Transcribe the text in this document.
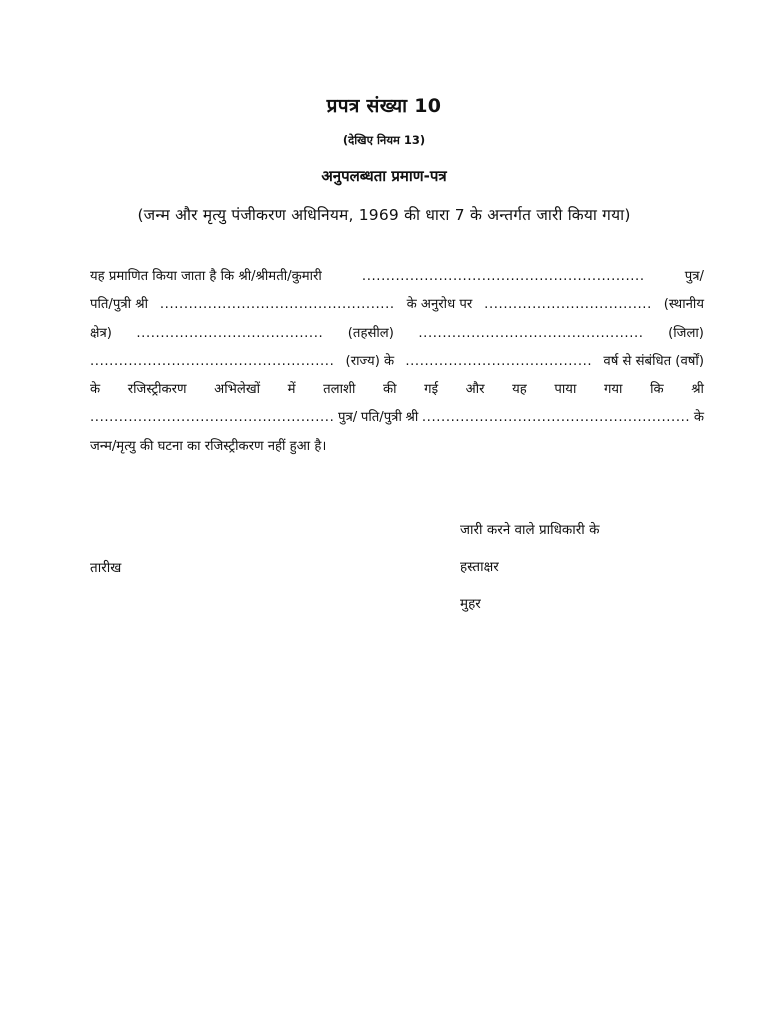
प्रपत्र संख्या 10
(देखिए नियम 13)
अनुपलब्धता प्रमाण-पत्र
(जन्म और मृत्यु पंजीकरण अधिनियम, 1969 की धारा 7 के अन्तर्गत जारी किया गया)
यह प्रमाणित किया जाता है कि श्री/श्रीमती/कुमारी	...........................................................	पुत्र/
पति/पुत्री श्री ................................................. के अनुरोध पर ................................... (स्थानीय
क्षेत्र) ....................................... (तहसील) ............................................... (जिला)
................................................... (राज्य) के ....................................... वर्ष से संबंधित (वर्षों)
के रजिस्ट्रीकरण अभिलेखों में तलाशी की गई और यह पाया गया कि श्री
................................................... पुत्र/ पति/पुत्री श्री ........................................................ के
जन्म/मृत्यु की घटना का रजिस्ट्रीकरण नहीं हुआ है।
तारीख
जारी करने वाले प्राधिकारी के
हस्ताक्षर
मुहर
